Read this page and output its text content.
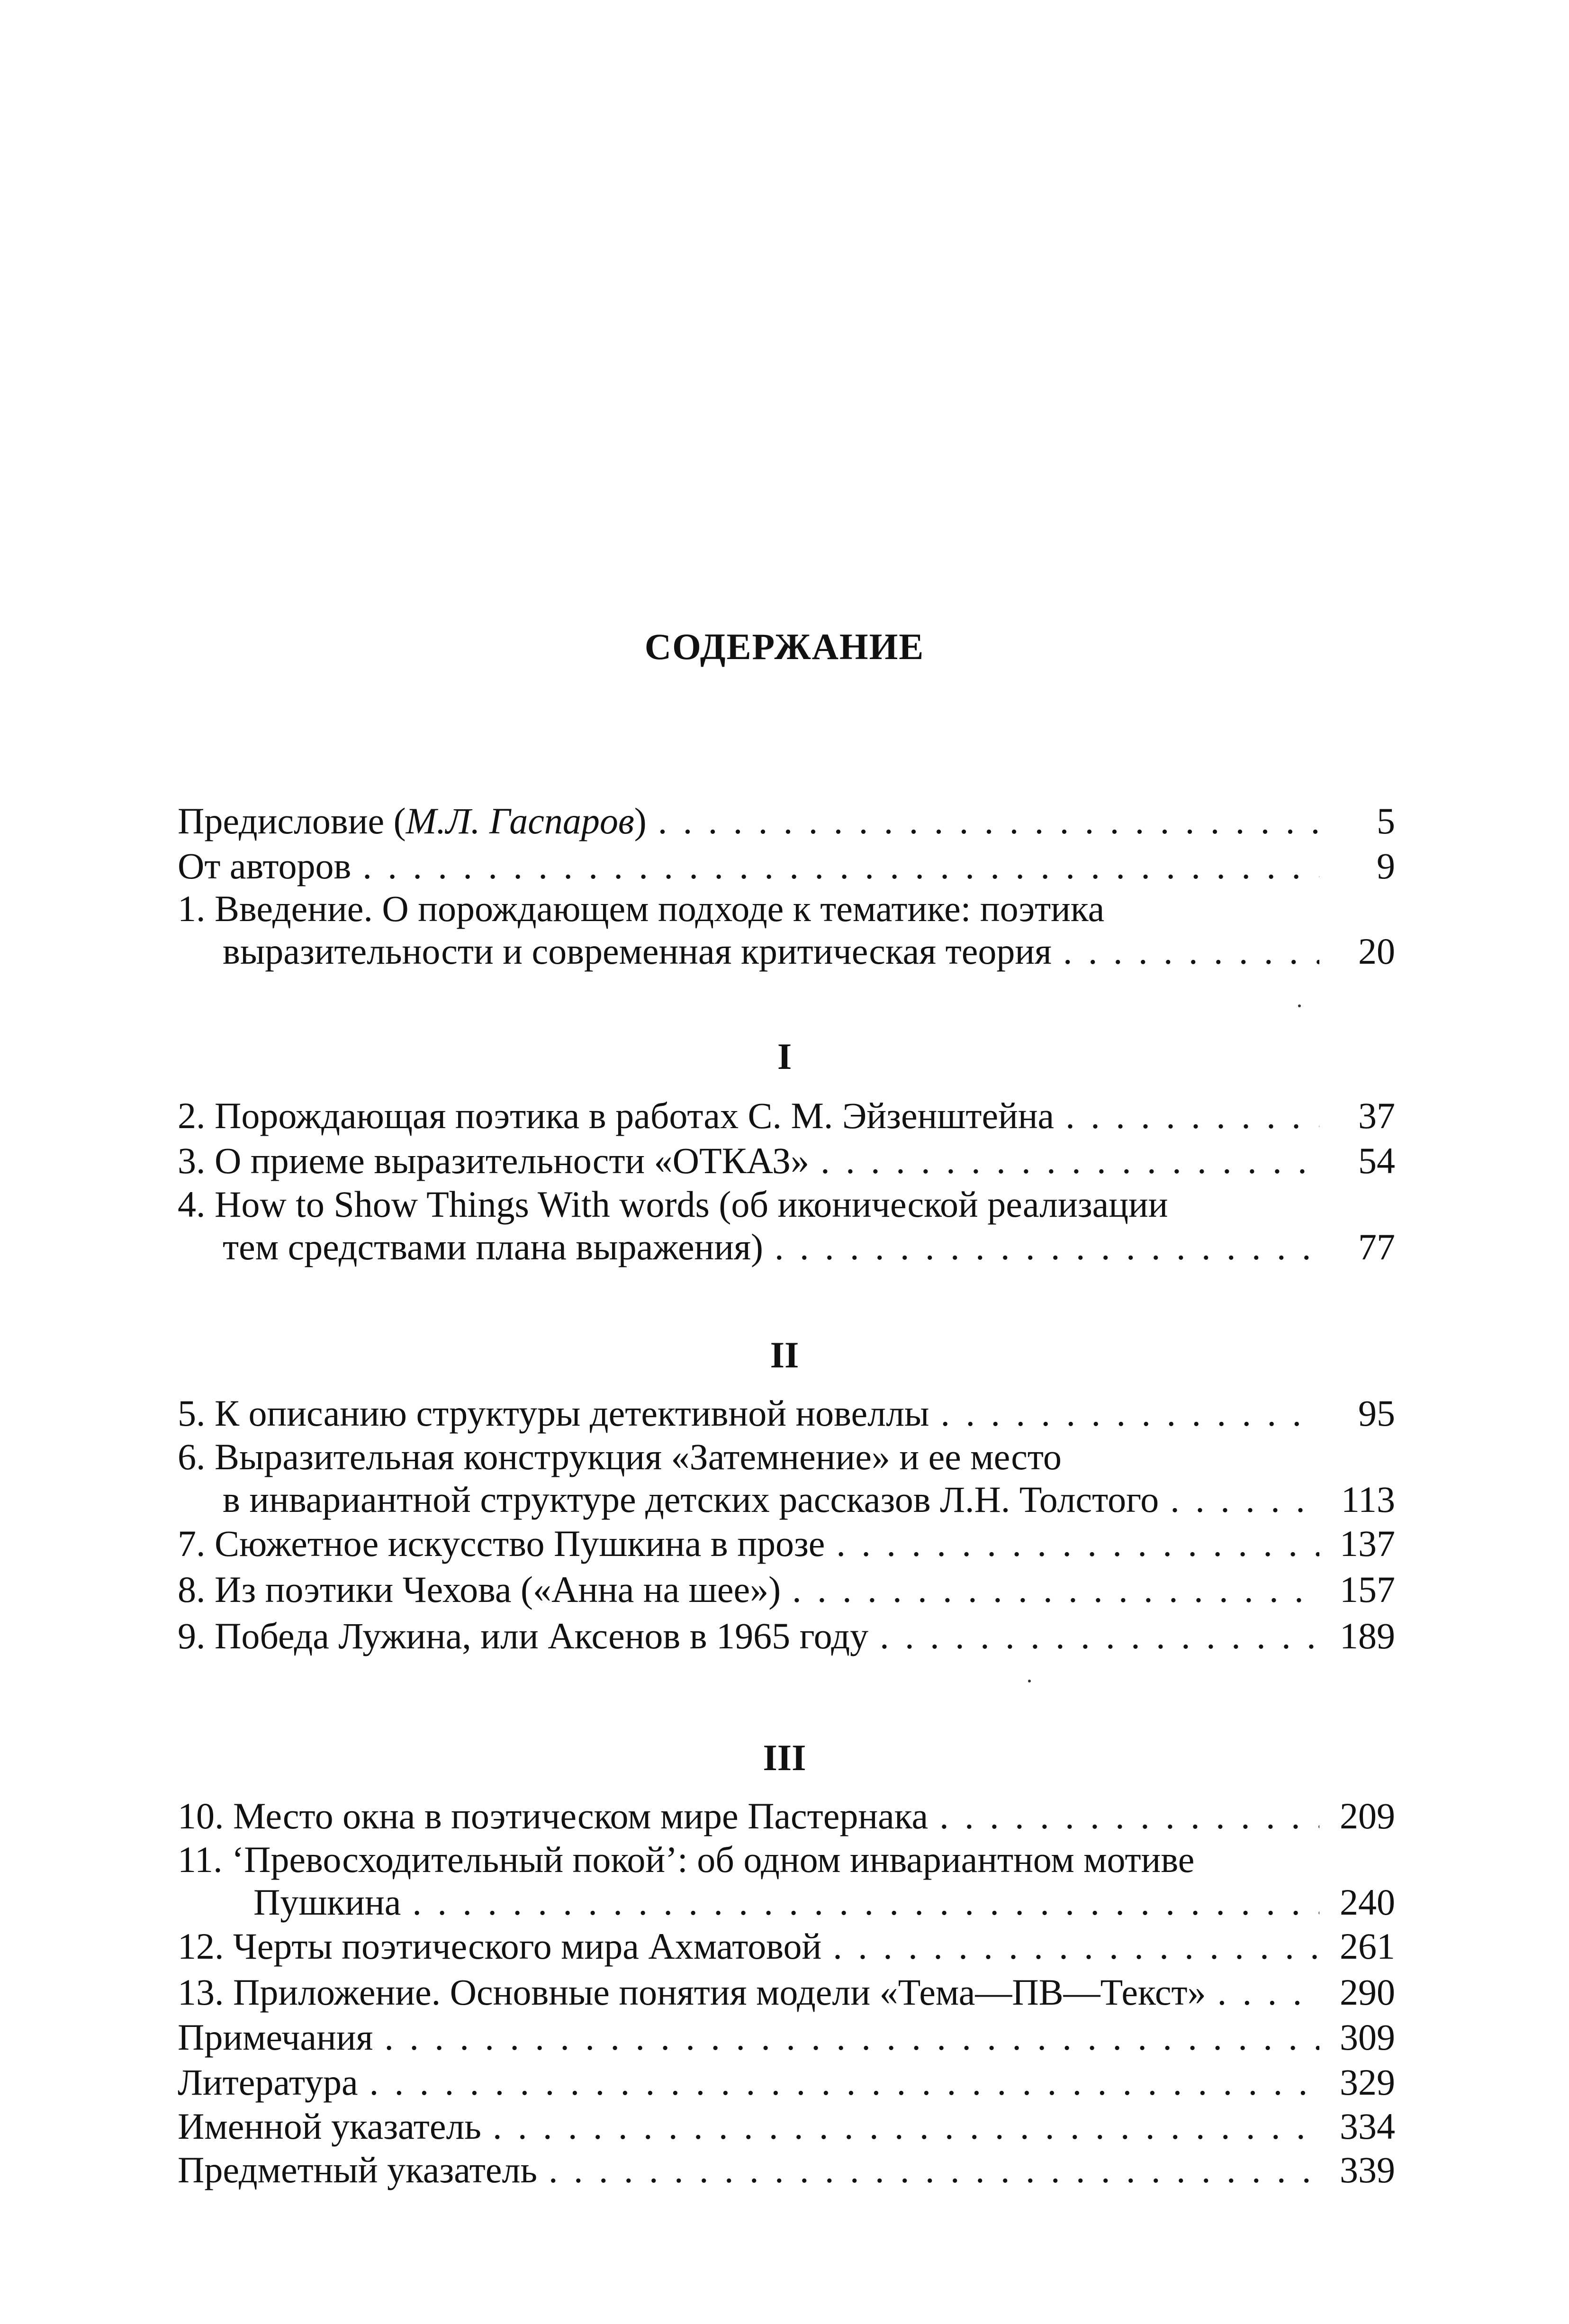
СОДЕРЖАНИЕ
Предисловие (М.Л. Гаспаров) . . .	5
От авторов . . .	9
1. Введение. О порождающем подходе к тематике: поэтика
выразительности и современная критическая теория . . .	20
I
2. Порождающая поэтика в работах С. М. Эйзенштейна . . .	37
3. О приеме выразительности «ОТКАЗ» . . .	54
4. How to Show Things With words (об иконической реализации
тем средствами плана выражения) . . .	77
II
5. К описанию структуры детективной новеллы . . .	95
6. Выразительная конструкция «Затемнение» и ее место
в инвариантной структуре детских рассказов Л.Н. Толстого . . .	113
7. Сюжетное искусство Пушкина в прозе . . .	137
8. Из поэтики Чехова («Анна на шее») . . .	157
9. Победа Лужина, или Аксенов в 1965 году . . .	189
III
10. Место окна в поэтическом мире Пастернака . . .	209
11. ‘Превосходительный покой’: об одном инвариантном мотиве
Пушкина . . .	240
12. Черты поэтического мира Ахматовой . . .	261
13. Приложение. Основные понятия модели «Тема—ПВ—Текст» . . .	290
Примечания . . .	309
Литература . . .	329
Именной указатель . . .	334
Предметный указатель . . .	339
